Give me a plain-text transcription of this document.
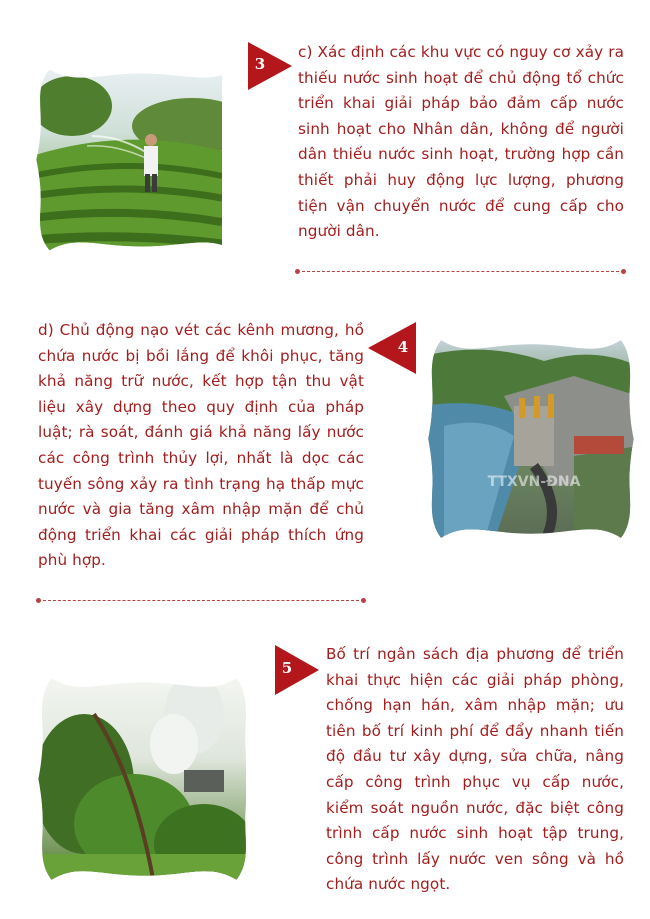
3
c) Xác định các khu vực có nguy cơ xảy ra thiếu nước sinh hoạt để chủ động tổ chức triển khai giải pháp bảo đảm cấp nước sinh hoạt cho Nhân dân, không để người dân thiếu nước sinh hoạt, trường hợp cần thiết phải huy động lực lượng, phương tiện vận chuyển nước để cung cấp cho người dân.
d) Chủ động nạo vét các kênh mương, hồ chứa nước bị bồi lắng để khôi phục, tăng khả năng trữ nước, kết hợp tận thu vật liệu xây dựng theo quy định của pháp luật; rà soát, đánh giá khả năng lấy nước các công trình thủy lợi, nhất là dọc các tuyến sông xảy ra tình trạng hạ thấp mực nước và gia tăng xâm nhập mặn để chủ động triển khai các giải pháp thích ứng phù hợp.
4
TTXVN-ĐNA
5
Bố trí ngân sách địa phương để triển khai thực hiện các giải pháp phòng, chống hạn hán, xâm nhập mặn; ưu tiên bố trí kinh phí để đẩy nhanh tiến độ đầu tư xây dựng, sửa chữa, nâng cấp công trình phục vụ cấp nước, kiểm soát nguồn nước, đặc biệt công trình cấp nước sinh hoạt tập trung, công trình lấy nước ven sông và hồ chứa nước ngọt.
